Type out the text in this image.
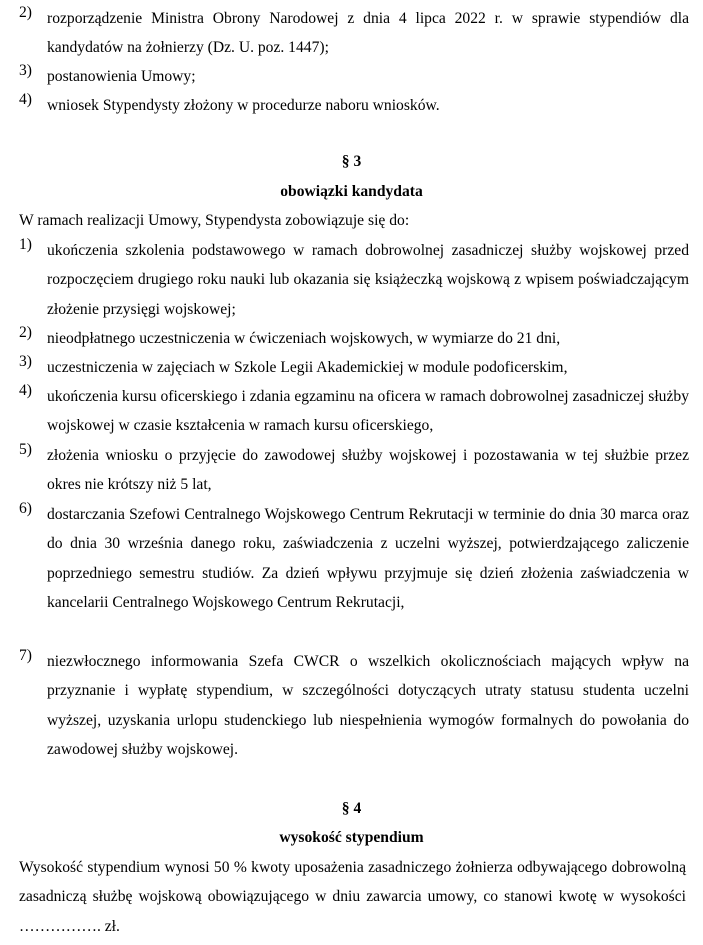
2) rozporządzenie Ministra Obrony Narodowej z dnia 4 lipca 2022 r. w sprawie stypendiów dla kandydatów na żołnierzy (Dz. U. poz. 1447);
3) postanowienia Umowy;
4) wniosek Stypendysty złożony w procedurze naboru wniosków.
§ 3
obowiązki kandydata
W ramach realizacji Umowy, Stypendysta zobowiązuje się do:
1) ukończenia szkolenia podstawowego w ramach dobrowolnej zasadniczej służby wojskowej przed rozpoczęciem drugiego roku nauki lub okazania się książeczką wojskową z wpisem poświadczającym złożenie przysięgi wojskowej;
2) nieodpłatnego uczestniczenia w ćwiczeniach wojskowych, w wymiarze do 21 dni,
3) uczestniczenia w zajęciach w Szkole Legii Akademickiej w module podoficerskim,
4) ukończenia kursu oficerskiego i zdania egzaminu na oficera w ramach dobrowolnej zasadniczej służby wojskowej w czasie kształcenia w ramach kursu oficerskiego,
5) złożenia wniosku o przyjęcie do zawodowej służby wojskowej i pozostawania w tej służbie przez okres nie krótszy niż 5 lat,
6) dostarczania Szefowi Centralnego Wojskowego Centrum Rekrutacji w terminie do dnia 30 marca oraz do dnia 30 września danego roku, zaświadczenia z uczelni wyższej, potwierdzającego zaliczenie poprzedniego semestru studiów. Za dzień wpływu przyjmuje się dzień złożenia zaświadczenia w kancelarii Centralnego Wojskowego Centrum Rekrutacji,
7) niezwłocznego informowania Szefa CWCR o wszelkich okolicznościach mających wpływ na przyznanie i wypłatę stypendium, w szczególności dotyczących utraty statusu studenta uczelni wyższej, uzyskania urlopu studenckiego lub niespełnienia wymogów formalnych do powołania do zawodowej służby wojskowej.
§ 4
wysokość stypendium
Wysokość stypendium wynosi 50 % kwoty uposażenia zasadniczego żołnierza odbywającego dobrowolną zasadniczą służbę wojskową obowiązującego w dniu zawarcia umowy, co stanowi kwotę w wysokości ……………. zł.
